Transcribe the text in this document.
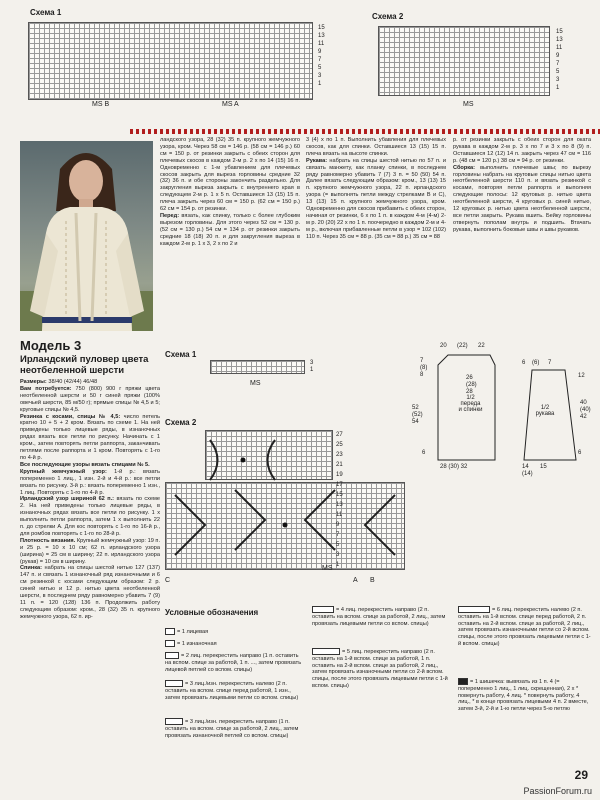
Схема 1
15
13
11
9
7
5
3
1
MS B	MS A
Схема 2
15
13
11
9
7
5
3
1
MS

ландского узора, 28 (32) 35 п. крупного жемчужного узора, кром. Через 58 см = 146 р. (58 см = 146 р.) 60 см = 150 р. от резинки закрыть с обеих сторон для плечевых скосов в каждом 2-м р. 2 х по 14 (15) 16 п. Одновременно с 1-м убавлением для плечевых скосов закрыть для выреза горловины средние 32 (32) 36 п. и обе стороны закончить раздельно. Для закругления выреза закрыть с внутреннего края в следующем 2-м р. 1 х 5 п. Оставшиеся 13 (15) 15 п. плеча закрыть через 60 см = 150 р. (62 см = 150 р.) 62 см = 154 р. от резинки.

Перед: вязать, как спинку, только с более глубоким вырезом горловины. Для этого через 52 см = 130 р. (52 см = 130 р.) 54 см = 134 р. от резинки закрыть средние 18 (18) 20 п. и для закругления выреза в каждом 2-м р. 1 х 3, 2 х по 2 и

3 (4) х по 1 п. Выполнить убавления для плечевых скосов, как для спинки. Оставшиеся 13 (15) 15 п. плеча вязать на высоте спинки.

Рукава: набрать на спицы шестой нитью по 57 п. и связать манжету, как планку спинки, в последнем ряду равномерно убавить 7 (7) 3 п. = 50 (50) 54 п. Далее вязать следующим образом: кром., 13 (13) 15 п. крупного жемчужного узора, 22 п. ирландского узора (= выполнять петли между стрелками В и С), 13 (13) 15 п. крупного жемчужного узора, кром. Одновременно для скосов прибавить с обеих сторон, начиная от резинки, 6 х по 1 п. в каждом 4-м (4-м) 2-м р. 20 (20) 22 х по 1 п. поочередно в каждом 2-м и 4-м р., включая прибавленные петли в узор = 102 (102) 110 п. Через 35 см = 88 р. (35 см = 88 р.) 35 см = 88

р. от резинки закрыть с обеих сторон для оката рукава в каждом 2-м р. 3 х по 7 и 3 х по 8 (9) п. Оставшиеся 12 (12) 14 п. закрыть через 47 см = 116 р. (48 см = 120 р.) 38 см = 94 р. от резинки.

Сборка: выполнить плечевые швы; по вырезу горловины набрать на круговые спицы нитью цвета неотбеленной шерсти 110 п. и вязать резинкой с косами, повторяя петли раппорта и выполняя следующие полосы: 12 круговых р. нитью цвета неотбеленной шерсти, 4 круговых р. синей нитью, 12 круговых р. нитью цвета неотбеленной шерсти, все петли закрыть. Рукава вшить. Бейку горловины отвернуть пополам внутрь и подшить. Втачать рукава, выполнить боковые швы и швы рукавов.

Модель 3
Ирландский пуловер цвета неотбеленной шерсти

Размеры: 38/40 (42/44) 46/48

Вам потребуется: 750 (800) 900 г пряжи цвета неотбеленной шерсти и 50 г синей пряжи (100% овечьей шерсти, 85 м/50 г); прямые спицы № 4,5 и 5; круговые спицы № 4,5.

Резинка с косами, спицы № 4,5: число петель кратно 10 + 5 + 2 кром. Вязать по схеме 1. На ней приведены только лицевые ряды, в изнаночных рядах вязать все петли по рисунку. Начинать с 1 кром., затем повторять петли раппорта, заканчивать петлями после раппорта и 1 кром. Повторять с 1-го по 4-й р.

Все последующие узоры вязать спицами № 5.

Крупный жемчужный узор: 1-й р.: вязать попеременно 1 лиц., 1 изн. 2-й и 4-й р.: все петли вязать по рисунку. 3-й р.: вязать попеременно 1 изн., 1 лиц. Повторять с 1-го по 4-й р.

Ирландский узор шириной 62 п.: вязать по схеме 2. На ней приведены только лицевые ряды, в изнаночных рядах вязать все петли по рисунку. 1 х выполнить петли раппорта, затем 1 х выполнить 22 п. до стрелки А. Для кос повторять с 1-го по 16-й р., для ромбов повторять с 1-го по 28-й р.

Плотность вязания. Крупный жемчужный узор: 19 п. и 25 р. = 10 х 10 см; 62 п. ирландского узора (ширина) = 25 см в ширину; 22 п. ирландского узора (рукав) = 10 см в ширину.

Спинка: набрать на спицы шестой нитью 127 (137) 147 п. и связать 1 изнаночный ряд изнаночными и 6 см резинкой с косами следующим образом: 2 р. синей нитью и 12 р. нитью цвета неотбеленной шерсти, в последнем ряду равномерно убавить 7 (9) 11 п. = 120 (128) 136 п. Продолжить работу следующим образом: кром., 28 (32) 35 п. крупного жемчужного узора, 62 п. ир-

Схема 1
3
1
MS
Схема 2
27
25
23
21
19
17
15
13
11
9
7
5
3
1
C
MS
A B
20 (22) 22
7
(8)
8	26
(28)
28
52
(52)
54
6
1/2
переда
и спинки
28 (30) 32
6 (6) 7
12
40
(40)
42
6
1/2
рукава
14
(14)
15
Условные обозначения
= 1 лицевая
= 1 изнаночная
= 2 лиц. перекрестить направо (1 п. оставить на вспом. спице за работой, 1 п. ..., затем провязать лицевой петлей со вспом. спицы)
= 3 лиц./изн. перекрестить налево (2 п. оставить на вспом. спице перед работой, 1 изн., затем провязать лицевыми петли со вспом. спицы)
= 3 лиц./изн. перекрестить направо (1 п. оставить на вспом. спице за работой, 2 лиц., затем провязать изнаночной петлей со вспом. спицы)
= 4 лиц. перекрестить направо (2 п. оставить на вспом. спице за работой, 2 лиц., затем провязать лицевыми петли со вспом. спицы)
= 5 лиц. перекрестить направо (2 п. оставить на 1-й вспом. спице за работой, 1 п. оставить на 2-й вспом. спице за работой, 2 лиц., затем провязать изнаночными петли со 2-й вспом. спицы, после этого провязать лицевыми петли с 1-й вспом. спицы)
= 6 лиц. перекрестить налево (2 п. оставить на 1-й вспом. спице перед работой, 2 п. оставить на 2-й вспом. спице за работой, 2 лиц., затем провязать изнаночными петли со 2-й вспом. спицы, после этого провязать лицевыми петли с 1-й вспом. спицы)
= 1 шишечка: вывязать из 1 п. 4 (= попеременно 1 лиц., 1 лиц. скрещенная), 2 х * повернуть работу, 4 лиц. * повернуть работу, 4 лиц., * в конце провязать лицевыми 4 п. 2 вместе, затем 3-й, 2-й и 1-ю петли через 5-ю петлю
29
PassionForum.ru
